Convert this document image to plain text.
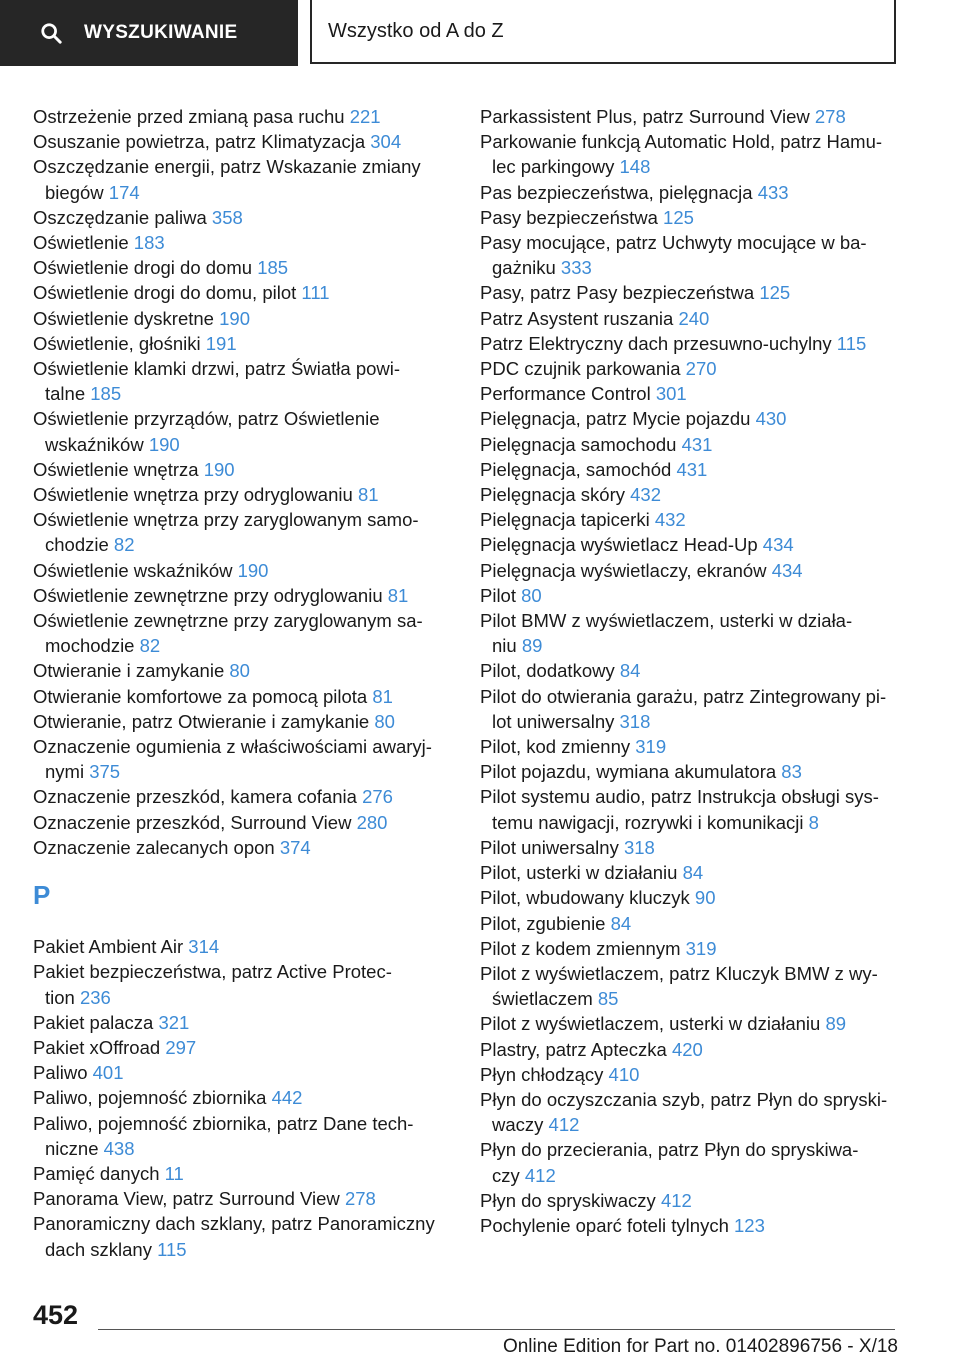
WYSZUKIWANIE	Wszystko od A do Z
Ostrzeżenie przed zmianą pasa ruchu 221
Osuszanie powietrza, patrz Klimatyzacja 304
Oszczędzanie energii, patrz Wskazanie zmiany
biegów 174
Oszczędzanie paliwa 358
Oświetlenie 183
Oświetlenie drogi do domu 185
Oświetlenie drogi do domu, pilot 111
Oświetlenie dyskretne 190
Oświetlenie, głośniki 191
Oświetlenie klamki drzwi, patrz Światła powi-
talne 185
Oświetlenie przyrządów, patrz Oświetlenie
wskaźników 190
Oświetlenie wnętrza 190
Oświetlenie wnętrza przy odryglowaniu 81
Oświetlenie wnętrza przy zaryglowanym samo-
chodzie 82
Oświetlenie wskaźników 190
Oświetlenie zewnętrzne przy odryglowaniu 81
Oświetlenie zewnętrzne przy zaryglowanym sa-
mochodzie 82
Otwieranie i zamykanie 80
Otwieranie komfortowe za pomocą pilota 81
Otwieranie, patrz Otwieranie i zamykanie 80
Oznaczenie ogumienia z właściwościami awaryj-
nymi 375
Oznaczenie przeszkód, kamera cofania 276
Oznaczenie przeszkód, Surround View 280
Oznaczenie zalecanych opon 374
P
Pakiet Ambient Air 314
Pakiet bezpieczeństwa, patrz Active Protec-
tion 236
Pakiet palacza 321
Pakiet xOffroad 297
Paliwo 401
Paliwo, pojemność zbiornika 442
Paliwo, pojemność zbiornika, patrz Dane tech-
niczne 438
Pamięć danych 11
Panorama View, patrz Surround View 278
Panoramiczny dach szklany, patrz Panoramiczny
dach szklany 115
Parkassistent Plus, patrz Surround View 278
Parkowanie funkcją Automatic Hold, patrz Hamu-
lec parkingowy 148
Pas bezpieczeństwa, pielęgnacja 433
Pasy bezpieczeństwa 125
Pasy mocujące, patrz Uchwyty mocujące w ba-
gażniku 333
Pasy, patrz Pasy bezpieczeństwa 125
Patrz Asystent ruszania 240
Patrz Elektryczny dach przesuwno-uchylny 115
PDC czujnik parkowania 270
Performance Control 301
Pielęgnacja, patrz Mycie pojazdu 430
Pielęgnacja samochodu 431
Pielęgnacja, samochód 431
Pielęgnacja skóry 432
Pielęgnacja tapicerki 432
Pielęgnacja wyświetlacz Head-Up 434
Pielęgnacja wyświetlaczy, ekranów 434
Pilot 80
Pilot BMW z wyświetlaczem, usterki w działa-
niu 89
Pilot, dodatkowy 84
Pilot do otwierania garażu, patrz Zintegrowany pi-
lot uniwersalny 318
Pilot, kod zmienny 319
Pilot pojazdu, wymiana akumulatora 83
Pilot systemu audio, patrz Instrukcja obsługi sys-
temu nawigacji, rozrywki i komunikacji 8
Pilot uniwersalny 318
Pilot, usterki w działaniu 84
Pilot, wbudowany kluczyk 90
Pilot, zgubienie 84
Pilot z kodem zmiennym 319
Pilot z wyświetlaczem, patrz Kluczyk BMW z wy-
świetlaczem 85
Pilot z wyświetlaczem, usterki w działaniu 89
Plastry, patrz Apteczka 420
Płyn chłodzący 410
Płyn do oczyszczania szyb, patrz Płyn do spryski-
waczy 412
Płyn do przecierania, patrz Płyn do spryskiwa-
czy 412
Płyn do spryskiwaczy 412
Pochylenie oparć foteli tylnych 123
452
Online Edition for Part no. 01402896756 - X/18
